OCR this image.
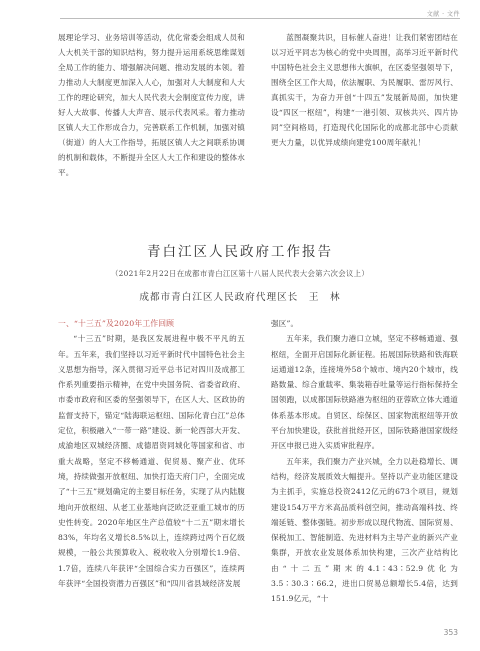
文献 · 文件

展理论学习、业务培训等活动，优化常委会组成人员和人大机关干部的知识结构，努力提升运用系统思维谋划全局工作的能力、增强解决问题、推动发展的本领。着力推动人大制度更加深入人心，加强对人大制度和人大工作的理论研究，加大人民代表大会制度宣传力度，讲好人大故事、传播人大声音、展示代表风采。着力推动区镇人大工作形成合力，完善联系工作机制，加强对镇（街道）的人大工作指导，拓展区镇人大之间联系协调的机制和载体，不断提升全区人大工作和建设的整体水平。

蓝图凝聚共识，目标催人奋进！让我们紧密团结在以习近平同志为核心的党中央周围，高举习近平新时代中国特色社会主义思想伟大旗帜，在区委坚强领导下，围绕全区工作大局，依法履职、为民履职、雷厉风行、真抓实干，为奋力开创“十四五”发展新局面，加快建设“四区一枢纽”，构建“一港引领、双核共兴、四片协同”空间格局，打造现代化国际化的成都北部中心贡献更大力量，以优异成绩向建党100周年献礼！

青白江区人民政府工作报告
（2021年2月22日在成都市青白江区第十八届人民代表大会第六次会议上）
成都市青白江区人民政府代理区长　王　林

一、“十三五”及2020年工作回顾

“十三五”时期，是我区发展进程中极不平凡的五年。五年来，我们坚持以习近平新时代中国特色社会主义思想为指导，深入贯彻习近平总书记对四川及成都工作系列重要指示精神，在党中央国务院、省委省政府、市委市政府和区委的坚强领导下，在区人大、区政协的监督支持下，锚定“陆海联运枢纽、国际化青白江”总体定位，积极融入“一带一路”建设、新一轮西部大开发、成渝地区双城经济圈、成德眉资同城化等国家和省、市重大战略，坚定不移畅通道、促贸易、聚产业、优环境，持续做强开放枢纽、加快打造天府门户，全面完成了“十三五”规划确定的主要目标任务，实现了从内陆腹地向开放枢纽、从老工业基地向泛欧泛亚重工城市的历史性转变。2020年地区生产总值较“十二五”期末增长83%，年均名义增长8.5%以上，连续跨过两个百亿级规模，一般公共预算收入、税收收入分别增长1.9倍、1.7倍，连续八年获评“全国综合实力百强区”，连续两年获评“全国投资潜力百强区”和“四川省县域经济发展

强区”。

五年来，我们聚力港口立城，坚定不移畅通道、强枢纽，全面开启国际化新征程。拓展国际铁路和铁海联运通道12条，连接境外58个城市、境内20个城市，线路数量、综合重载率、集装箱吞吐量等运行指标保持全国领跑，以成都国际铁路港为枢纽的亚蓉欧立体大通道体系基本形成。自贸区、综保区、国家物流枢纽等开放平台加快建设，获批首批经开区，国际铁路港国家级经开区申报已进入实质审批程序。

五年来，我们聚力产业兴城，全力以赴稳增长、调结构，经济发展质效大幅提升。坚持以产业功能区建设为主抓手，实施总投资2412亿元的673个项目，规划建设154万平方米高品质科创空间，推动高端科技、终端延链、整体强链。初步形成以现代物流、国际贸易、保税加工、智能制造、先进材料为主导产业的新兴产业集群，开放农业发展体系加快构建，三次产业结构比由“十二五”期末的4.1∶43∶52.9优化为3.5∶30.3∶66.2，进出口贸易总额增长5.4倍，达到151.9亿元，“十

353
